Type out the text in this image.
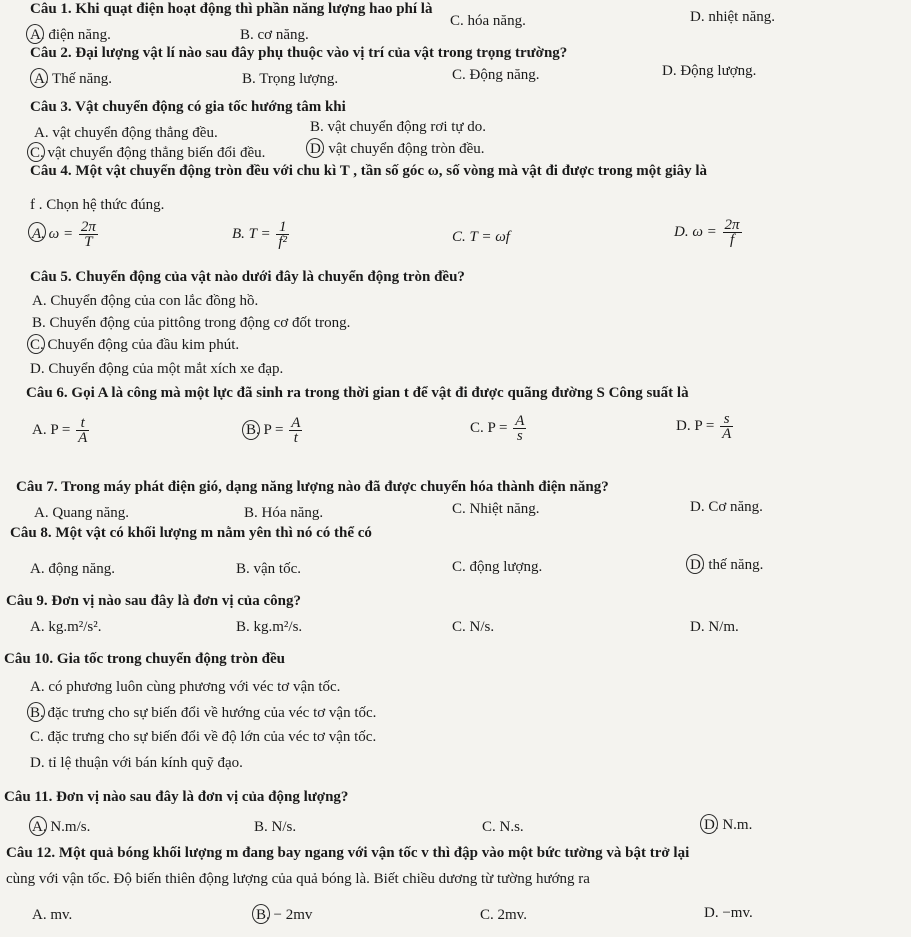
Câu 1. Khi quạt điện hoạt động thì phần năng lượng hao phí là
A. điện năng.	B. cơ năng.
C. hóa năng.	D. nhiệt năng.
Câu 2. Đại lượng vật lí nào sau đây phụ thuộc vào vị trí của vật trong trọng trường?
A. Thế năng.	B. Trọng lượng.	C. Động năng.	D. Động lượng.
Câu 3. Vật chuyển động có gia tốc hướng tâm khi
A. vật chuyển động thẳng đều.	B. vật chuyển động rơi tự do.
C. vật chuyển động thẳng biến đổi đều.	D. vật chuyển động tròn đều.
Câu 4. Một vật chuyển động tròn đều với chu kì T , tần số góc ω, số vòng mà vật đi được trong một giây là
f . Chọn hệ thức đúng.
A. $\omega = \frac{2\pi}{T}$	B. $T = \frac{1}{\text{f²}}$	C. T = ωf	D. $\omega = \frac{2\pi}{f}$
Câu 5. Chuyển động của vật nào dưới đây là chuyển động tròn đều?
A. Chuyển động của con lắc đồng hồ.
B. Chuyển động của pittông trong động cơ đốt trong.
C. Chuyển động của đầu kim phút.
D. Chuyển động của một mắt xích xe đạp.
Câu 6. Gọi A là công mà một lực đã sinh ra trong thời gian t để vật đi được quãng đường S Công suất là
A. $P = \frac{t}{A}$	B. $P = \frac{A}{t}$	C. $P = \frac{A}{s}$	D. $P = \frac{s}{A}$
Câu 7. Trong máy phát điện gió, dạng năng lượng nào đã được chuyển hóa thành điện năng?
A. Quang năng.	B. Hóa năng.	C. Nhiệt năng.	D. Cơ năng.
Câu 8. Một vật có khối lượng m nằm yên thì nó có thể có
A. động năng.	B. vận tốc.	C. động lượng.	D. thế năng.
Câu 9. Đơn vị nào sau đây là đơn vị của công?
A. kg.m²/s².	B. kg.m²/s.	C. N/s.	D. N/m.
Câu 10. Gia tốc trong chuyển động tròn đều
A. có phương luôn cùng phương với véc tơ vận tốc.
B. đặc trưng cho sự biến đổi về hướng của véc tơ vận tốc.
C. đặc trưng cho sự biến đổi về độ lớn của véc tơ vận tốc.
D. tỉ lệ thuận với bán kính quỹ đạo.
Câu 11. Đơn vị nào sau đây là đơn vị của động lượng?
A. N.m/s.	B. N/s.	C. N.s.	D. N.m.
Câu 12. Một quả bóng khối lượng m đang bay ngang với vận tốc v thì đập vào một bức tường và bật trở lại
cùng với vận tốc. Độ biến thiên động lượng của quả bóng là. Biết chiều dương từ tường hướng ra
A. mv.	B. − 2mv	C. 2mv.	D. −mv.
